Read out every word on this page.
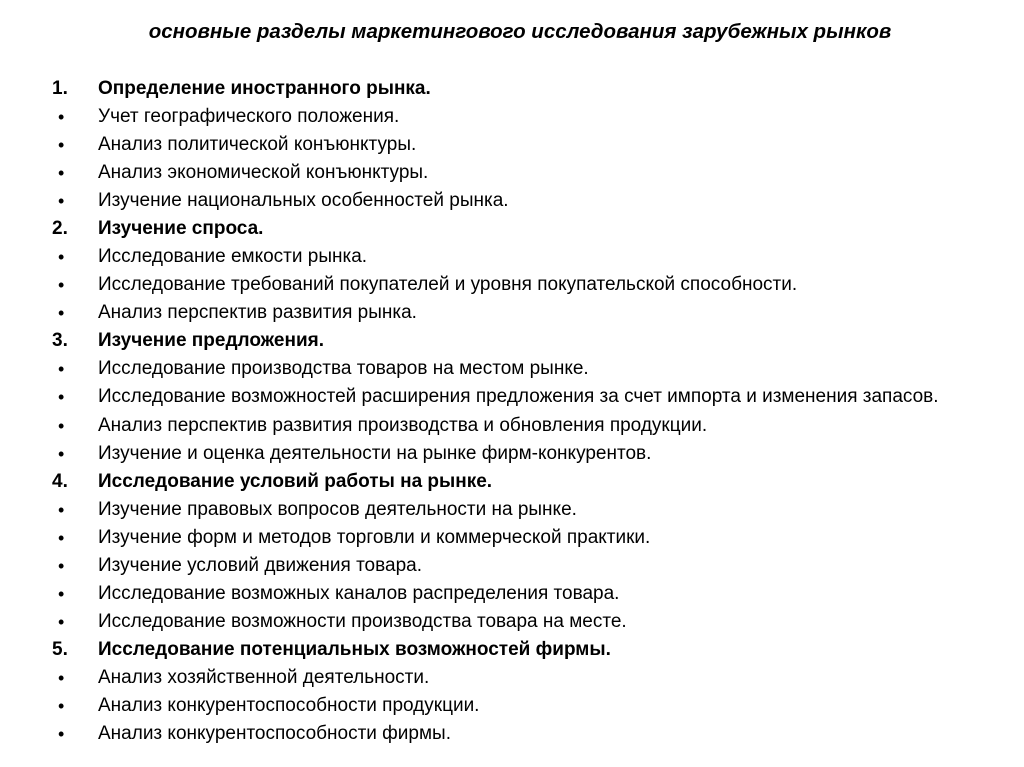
основные разделы маркетингового исследования зарубежных рынков
1.	Определение иностранного рынка.
•	Учет географического положения.
•	Анализ политической конъюнктуры.
•	Анализ экономической конъюнктуры.
•	Изучение национальных особенностей рынка.
2.	Изучение спроса.
•	Исследование емкости рынка.
•	Исследование требований покупателей и уровня покупательской способности.
•	Анализ перспектив развития рынка.
3.	Изучение предложения.
•	Исследование производства товаров на местом рынке.
•	Исследование возможностей расширения предложения за счет импорта и изменения запасов.
•	Анализ перспектив развития производства и обновления продукции.
•	Изучение и оценка деятельности на рынке фирм-конкурентов.
4.	Исследование условий работы на рынке.
•	Изучение правовых вопросов деятельности на рынке.
•	Изучение форм и методов торговли и коммерческой практики.
•	Изучение условий движения товара.
•	Исследование возможных каналов распределения товара.
•	Исследование возможности производства товара на месте.
5.	Исследование потенциальных возможностей фирмы.
•	Анализ хозяйственной деятельности.
•	Анализ конкурентоспособности продукции.
•	Анализ конкурентоспособности фирмы.
